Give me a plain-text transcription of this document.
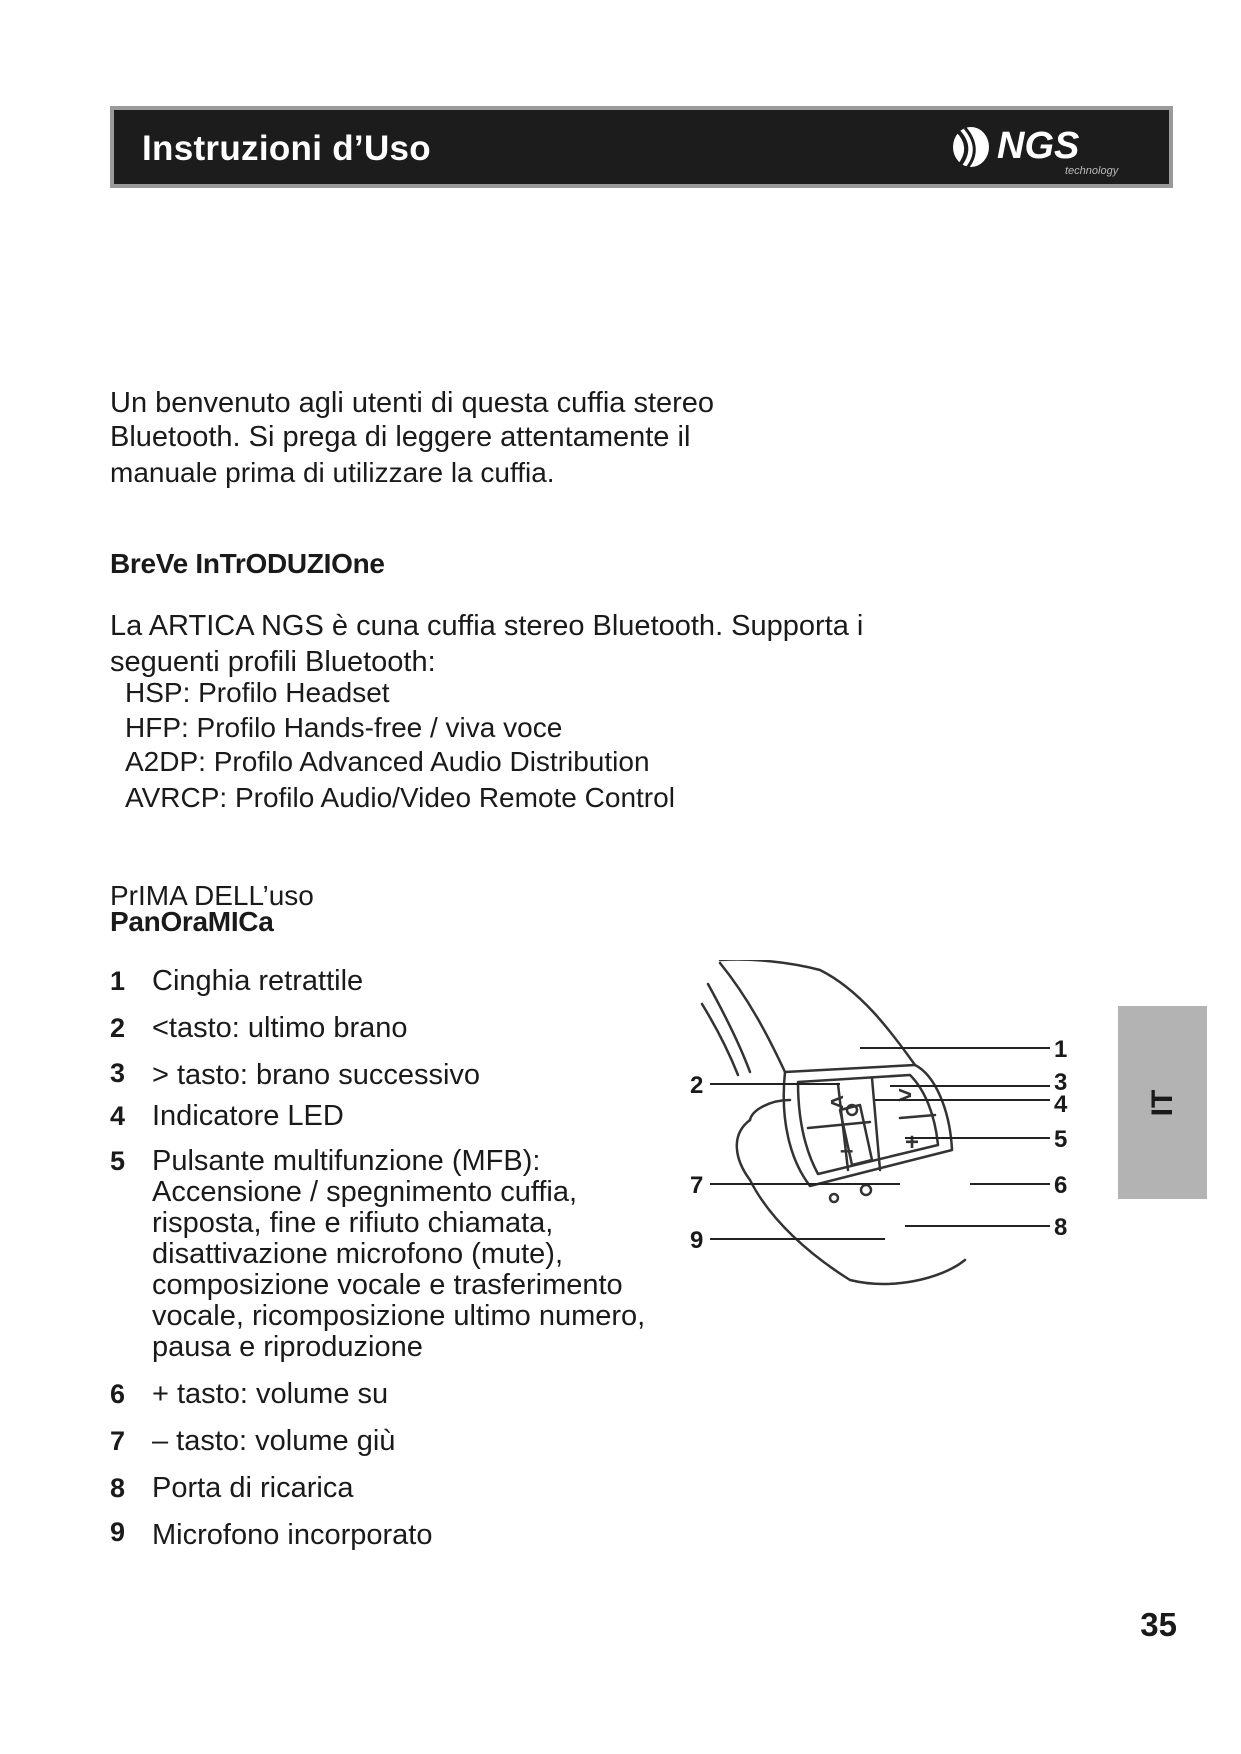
Instruzioni d’Uso	NGS
technology

Un benvenuto agli utenti di questa cuffia stereo

Bluetooth. Si prega di leggere attentamente il

manuale prima di utilizzare la cuffia.

BreVe InTrODUZIOne
La ARTICA NGS è cuna cuffia stereo Bluetooth. Supporta i
seguenti profili Bluetooth:
HSP: Profilo Headset
HFP: Profilo Hands-free / viva voce
A2DP: Profilo Advanced Audio Distribution
AVRCP: Profilo Audio/Video Remote Control
PrIMA DELL’uso
PanOraMICa
1 Cinghia retrattile
2 <tasto: ultimo brano
3 > tasto: brano successivo
4 Indicatore LED
5 Pulsante multifunzione (MFB): Accensione / spegnimento cuffia, risposta, fine e rifiuto chiamata, disattivazione microfono (mute), composizione vocale e trasferimento vocale, ricomposizione ultimo numero, pausa e riproduzione
6 + tasto: volume su
7 – tasto: volume giù
8 Porta di ricarica
9 Microfono incorporato
< >
– +
1
2	3
4
5
7	6
8
9
IT
35
